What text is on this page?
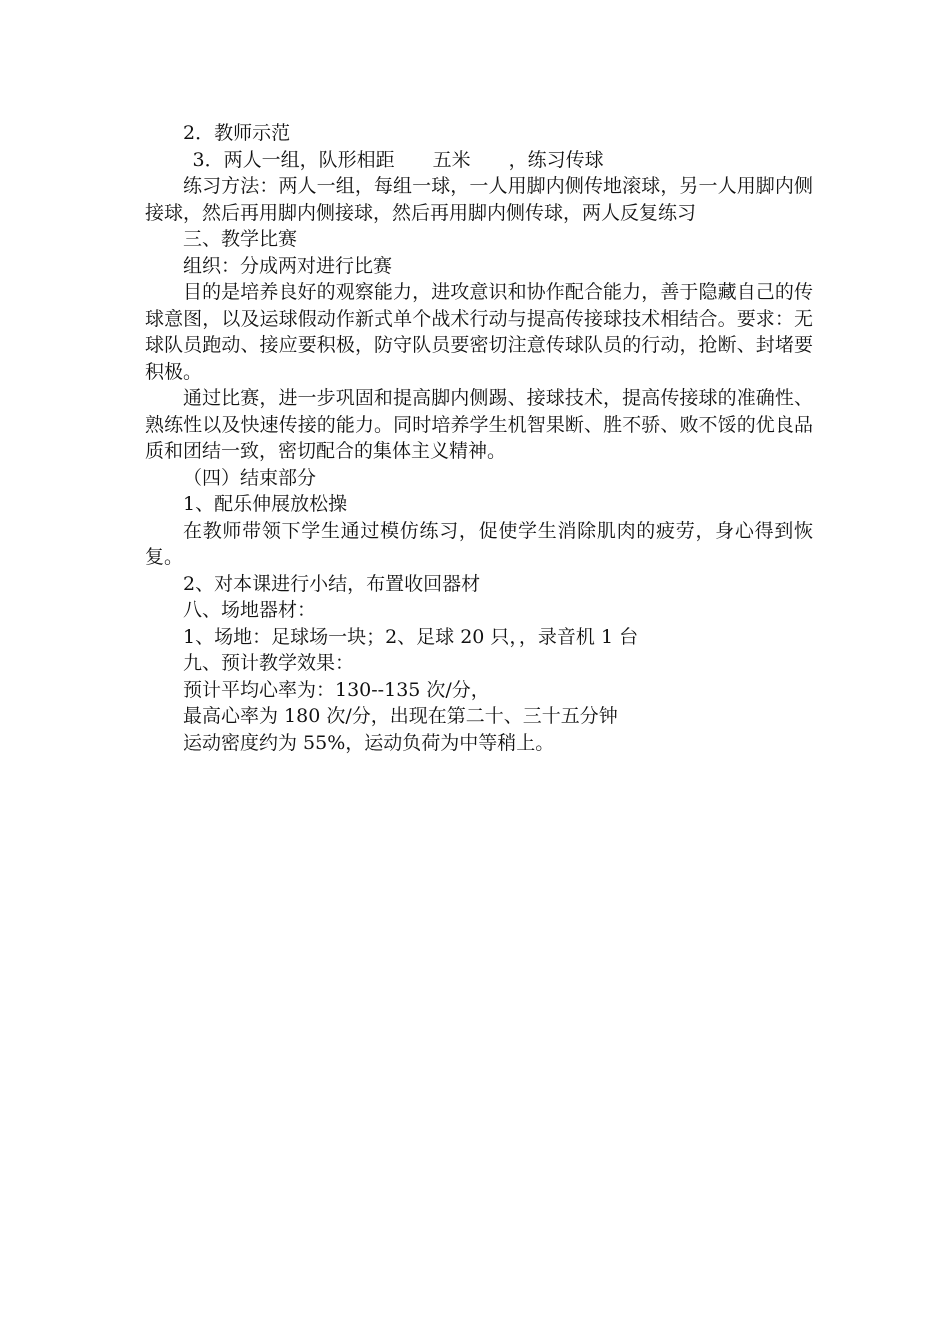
2．教师示范

3．两人一组，队形相距　　五米　　，练习传球

练习方法：两人一组，每组一球，一人用脚内侧传地滚球，另一人用脚内侧接球，然后再用脚内侧接球，然后再用脚内侧传球，两人反复练习

三、教学比赛

组织：分成两对进行比赛

目的是培养良好的观察能力，进攻意识和协作配合能力，善于隐藏自己的传球意图，以及运球假动作新式单个战术行动与提高传接球技术相结合。要求：无球队员跑动、接应要积极，防守队员要密切注意传球队员的行动，抢断、封堵要积极。

通过比赛，进一步巩固和提高脚内侧踢、接球技术，提高传接球的准确性、熟练性以及快速传接的能力。同时培养学生机智果断、胜不骄、败不馁的优良品质和团结一致，密切配合的集体主义精神。

（四）结束部分

1、配乐伸展放松操

在教师带领下学生通过模仿练习，促使学生消除肌肉的疲劳，身心得到恢复。

2、对本课进行小结，布置收回器材

八、场地器材：

1、场地：足球场一块；2、足球 20 只，，录音机 1 台

九、预计教学效果：

预计平均心率为：130--135 次/分，

最高心率为 180 次/分，出现在第二十、三十五分钟

运动密度约为 55%，运动负荷为中等稍上。
